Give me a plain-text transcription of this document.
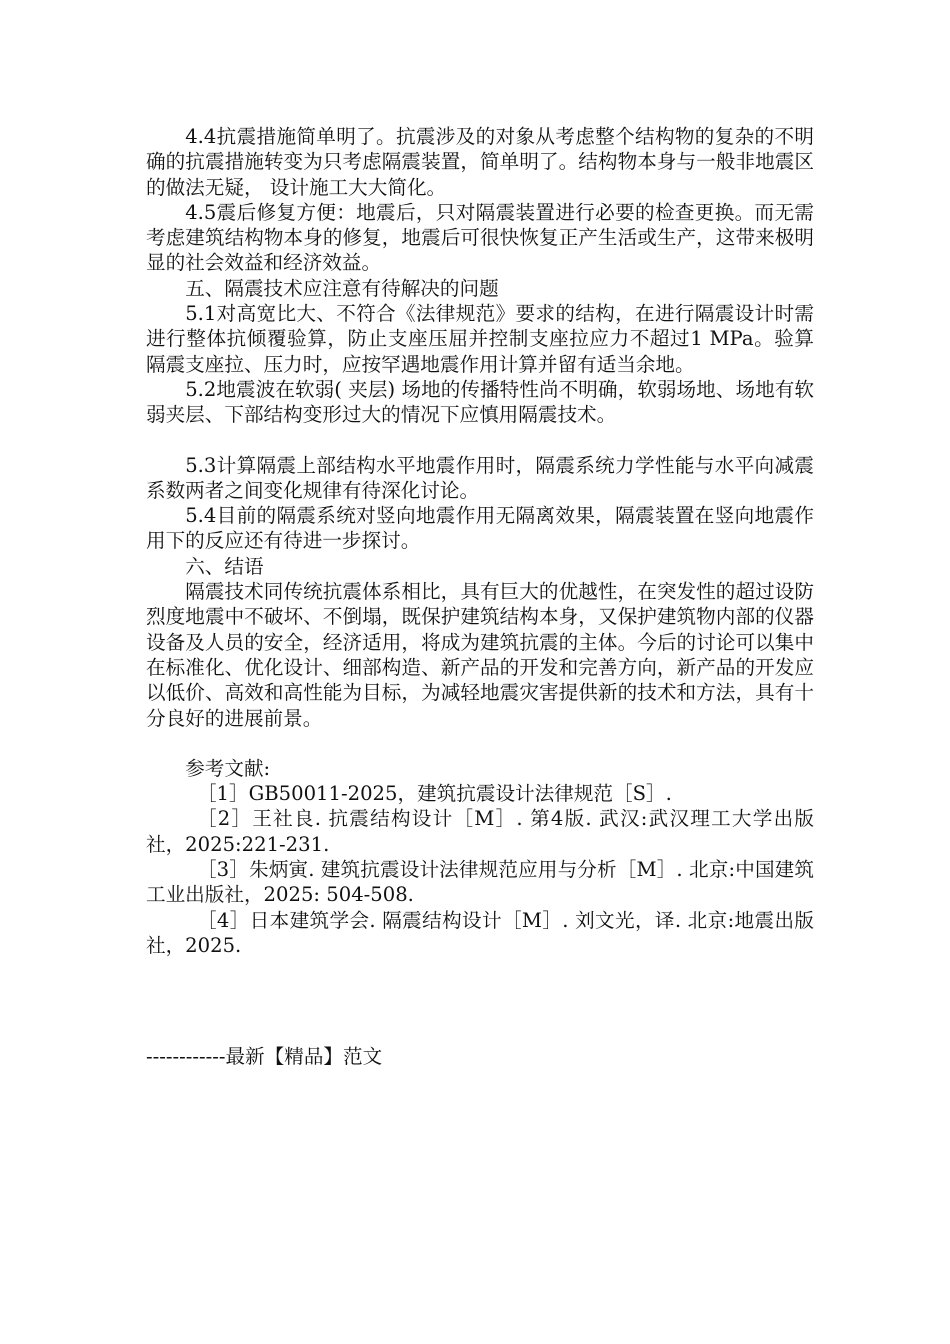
4.4抗震措施简单明了。抗震涉及的对象从考虑整个结构物的复杂的不明确的抗震措施转变为只考虑隔震装置，简单明了。结构物本身与一般非地震区的做法无疑， 设计施工大大简化。

4.5震后修复方便：地震后，只对隔震装置进行必要的检查更换。而无需考虑建筑结构物本身的修复，地震后可很快恢复正产生活或生产，这带来极明显的社会效益和经济效益。

五、隔震技术应注意有待解决的问题

5.1对高宽比大、不符合《法律规范》要求的结构，在进行隔震设计时需进行整体抗倾覆验算，防止支座压屈并控制支座拉应力不超过1 MPa。验算隔震支座拉、压力时，应按罕遇地震作用计算并留有适当余地。

5.2地震波在软弱( 夹层) 场地的传播特性尚不明确，软弱场地、场地有软弱夹层、下部结构变形过大的情况下应慎用隔震技术。

5.3计算隔震上部结构水平地震作用时，隔震系统力学性能与水平向减震系数两者之间变化规律有待深化讨论。

5.4目前的隔震系统对竖向地震作用无隔离效果，隔震装置在竖向地震作用下的反应还有待进一步探讨。

六、结语

隔震技术同传统抗震体系相比，具有巨大的优越性，在突发性的超过设防烈度地震中不破坏、不倒塌，既保护建筑结构本身，又保护建筑物内部的仪器设备及人员的安全，经济适用，将成为建筑抗震的主体。今后的讨论可以集中在标准化、优化设计、细部构造、新产品的开发和完善方向，新产品的开发应以低价、高效和高性能为目标，为减轻地震灾害提供新的技术和方法，具有十分良好的进展前景。

参考文献:

［1］GB50011-2025，建筑抗震设计法律规范［S］.

［2］王社良. 抗震结构设计［M］. 第4版. 武汉:武汉理工大学出版社，2025:221-231.

［3］朱炳寅. 建筑抗震设计法律规范应用与分析［M］. 北京:中国建筑工业出版社，2025: 504-508.

［4］日本建筑学会. 隔震结构设计［M］. 刘文光，译. 北京:地震出版社，2025.

------------最新【精品】范文
